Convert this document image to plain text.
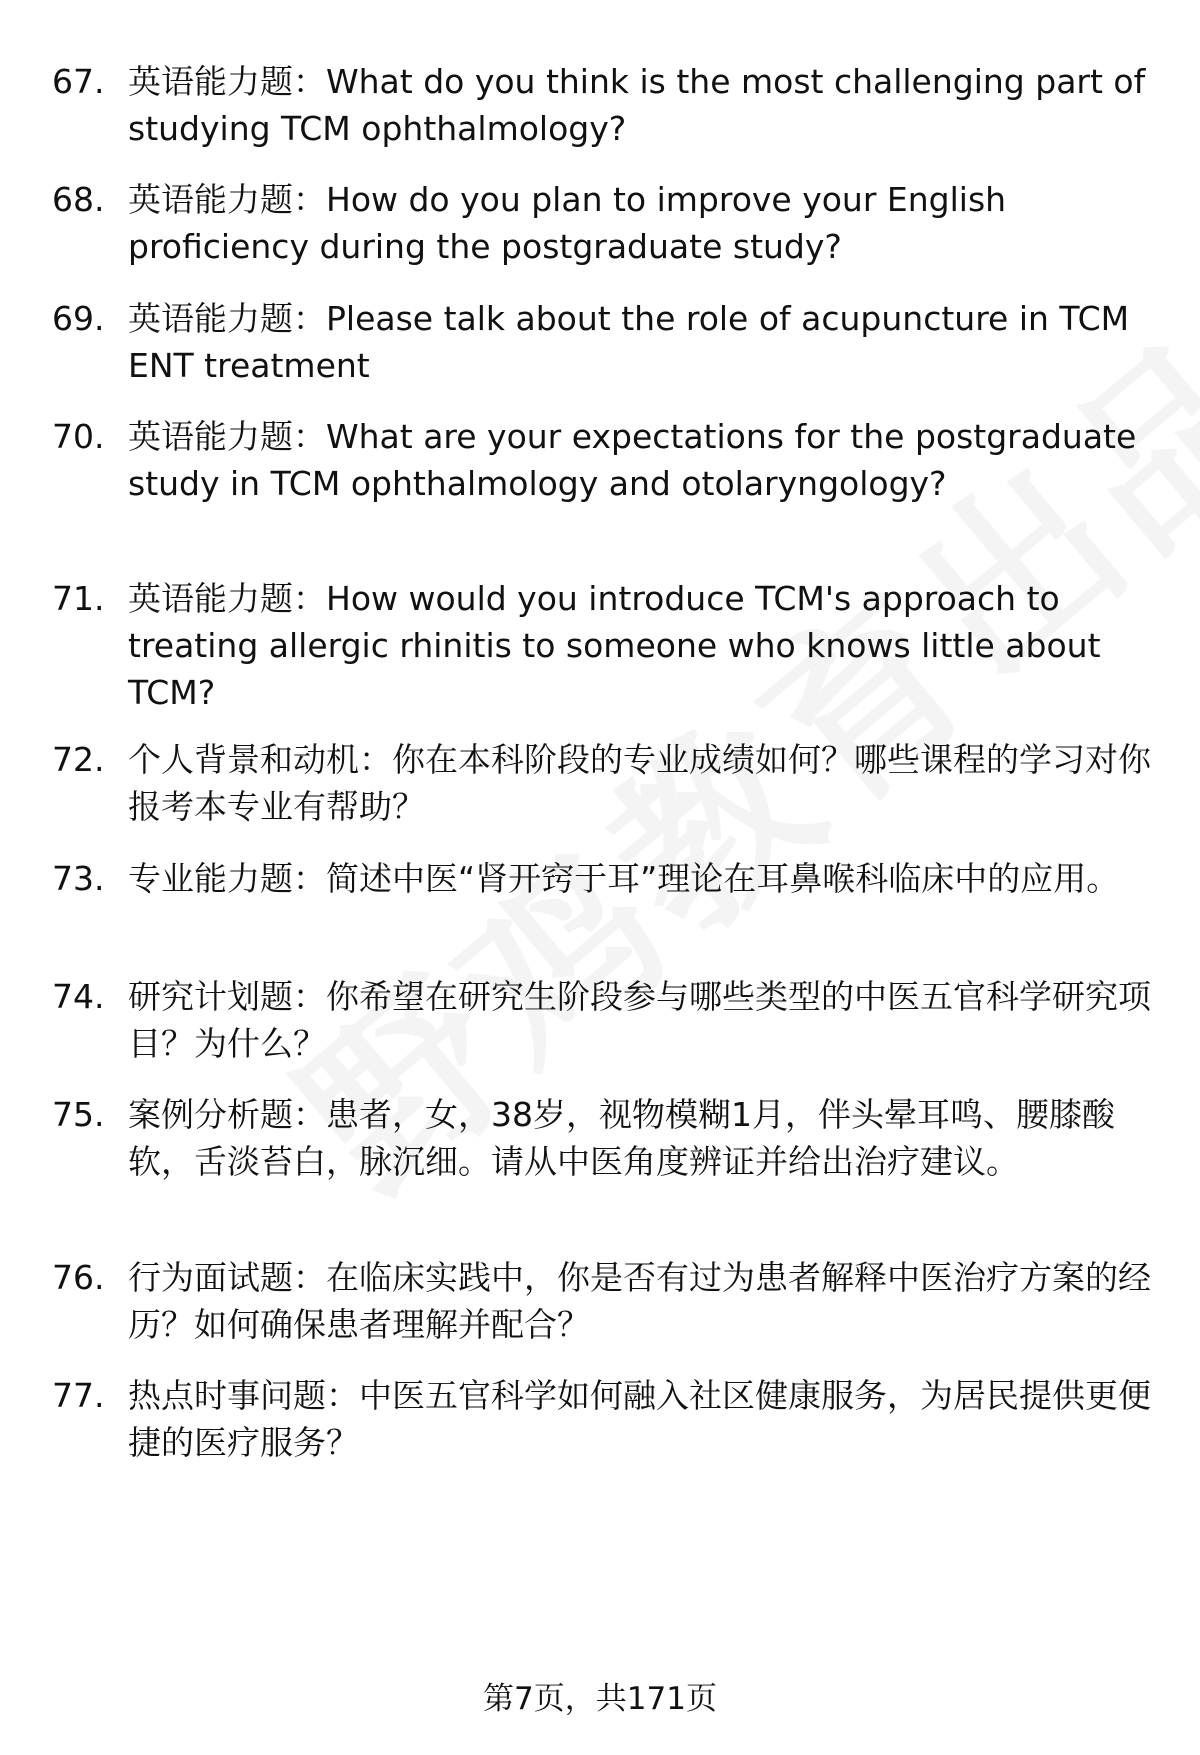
67. 英语能力题：What do you think is the most challenging part of studying TCM ophthalmology?
68. 英语能力题：How do you plan to improve your English proficiency during the postgraduate study?
69. 英语能力题：Please talk about the role of acupuncture in TCM ENT treatment
70. 英语能力题：What are your expectations for the postgraduate study in TCM ophthalmology and otolaryngology?
71. 英语能力题：How would you introduce TCM's approach to treating allergic rhinitis to someone who knows little about TCM?
72. 个人背景和动机：你在本科阶段的专业成绩如何？哪些课程的学习对你报考本专业有帮助？
73. 专业能力题：简述中医“肾开窍于耳”理论在耳鼻喉科临床中的应用。
74. 研究计划题：你希望在研究生阶段参与哪些类型的中医五官科学研究项目？为什么？
75. 案例分析题：患者，女，38岁，视物模糊1月，伴头晕耳鸣、腰膝酸软，舌淡苔白，脉沉细。请从中医角度辨证并给出治疗建议。
76. 行为面试题：在临床实践中，你是否有过为患者解释中医治疗方案的经历？如何确保患者理解并配合？
77. 热点时事问题：中医五官科学如何融入社区健康服务，为居民提供更便捷的医疗服务？
第7页，共171页
